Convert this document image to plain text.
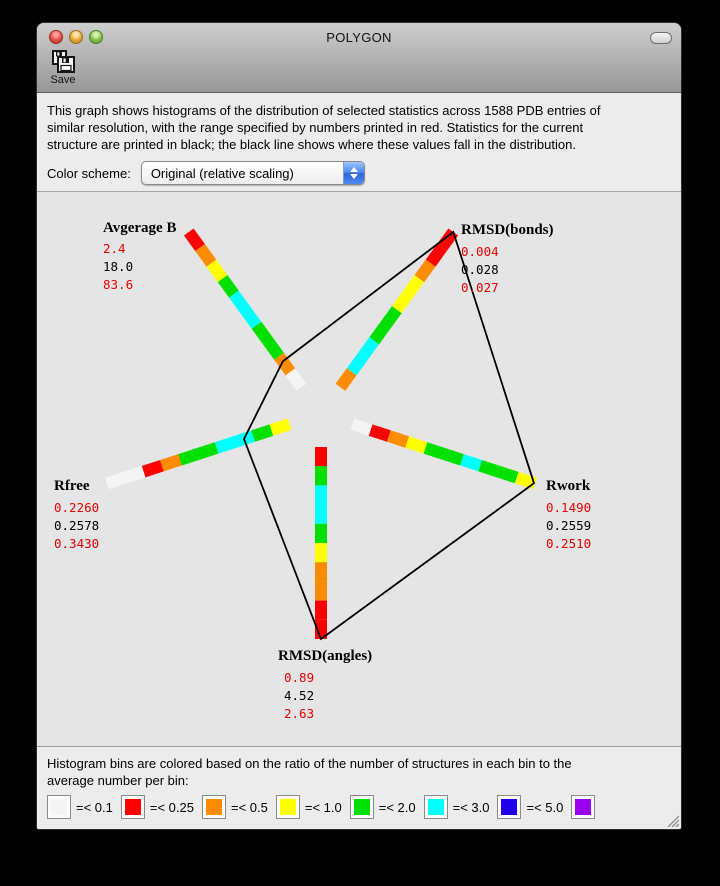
POLYGON
Save
This graph shows histograms of the distribution of selected statistics across 1588 PDB entries of
similar resolution, with the range specified by numbers printed in red. Statistics for the current
structure are printed in black; the black line shows where these values fall in the distribution.
Color scheme:	Original (relative scaling)
Avgerage B
2.4
18.0
83.6
RMSD(bonds)
0.004
0.028
0.027
Rwork
0.1490
0.2559
0.2510
RMSD(angles)
0.89
4.52
2.63
Rfree
0.2260
0.2578
0.3430
Histogram bins are colored based on the ratio of the number of structures in each bin to the
average number per bin:
=< 0.1	=< 0.25	=< 0.5	=< 1.0	=< 2.0	=< 3.0	=< 5.0
